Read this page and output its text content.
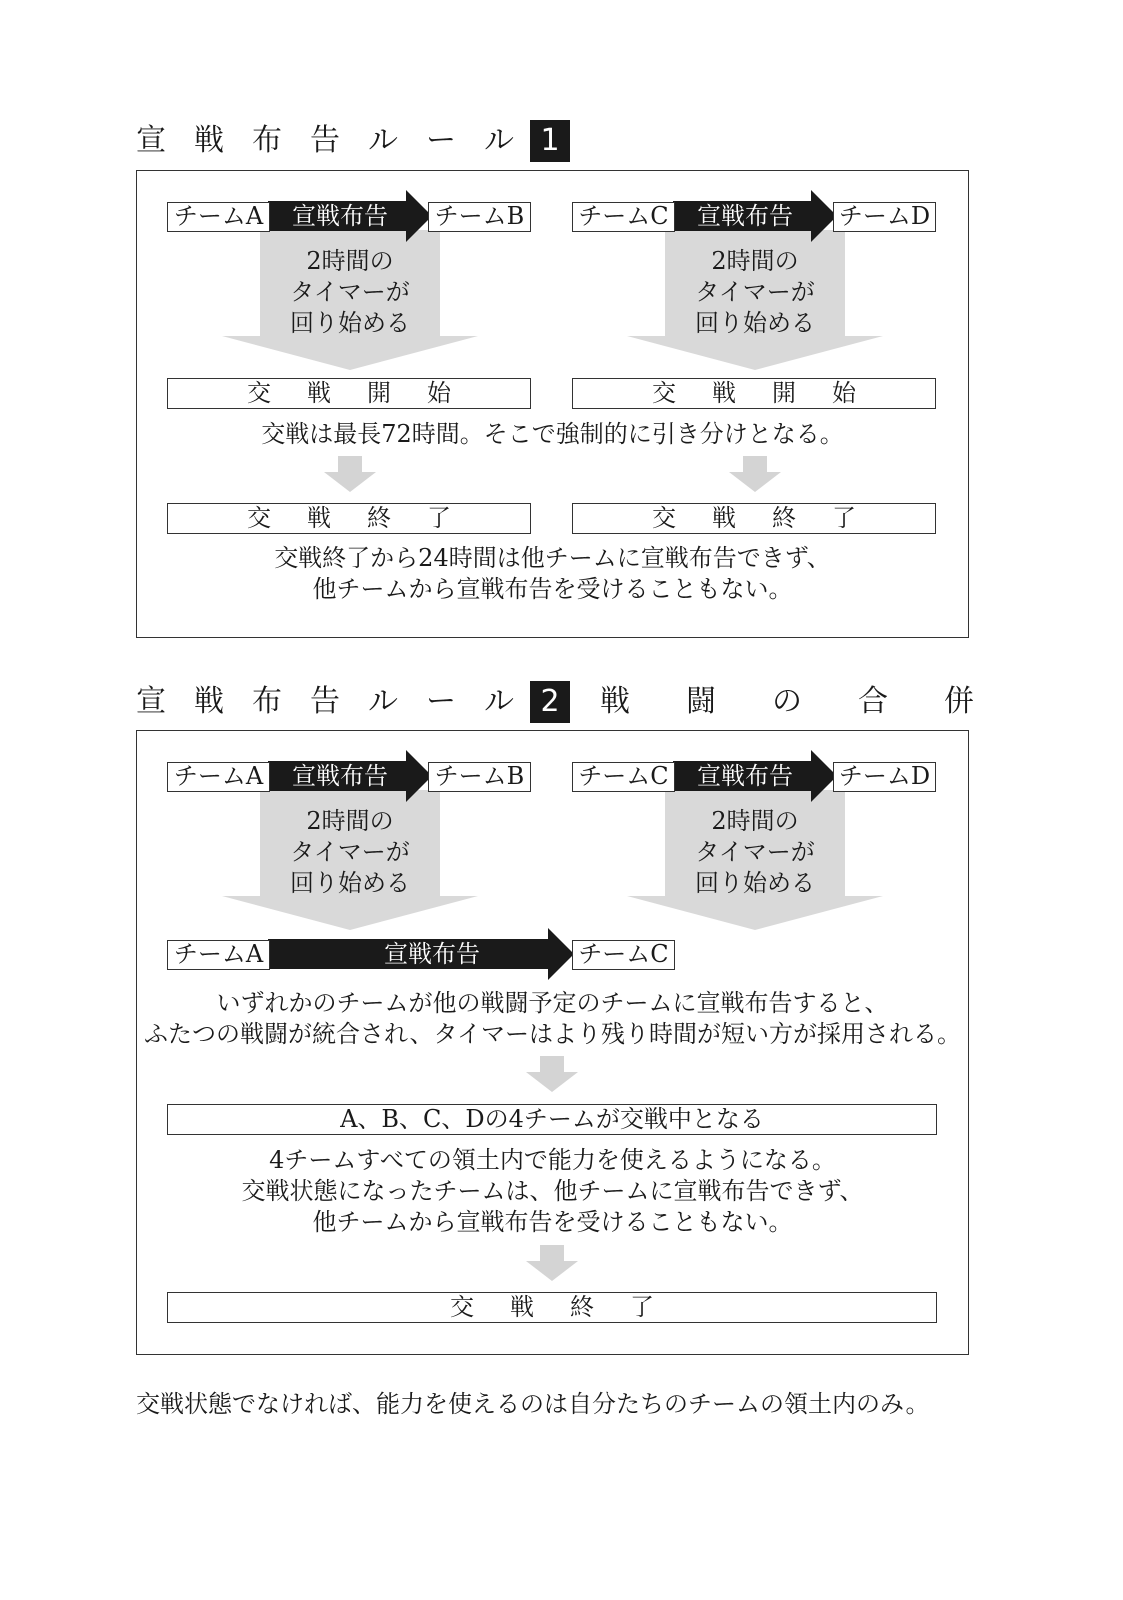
宣 戦 布 告 ル ー ル 1
チームA	宣戦布告	チームB
2時間の
タイマーが
回り始める
チームC	宣戦布告	チームD
2時間の
タイマーが
回り始める
交 戦 開 始	交 戦 開 始
交戦は最長72時間。そこで強制的に引き分けとなる。
交 戦 終 了	交 戦 終 了
交戦終了から24時間は他チームに宣戦布告できず、
他チームから宣戦布告を受けることもない。
宣 戦 布 告 ル ー ル 2 戦 闘 の 合 併
チームA	宣戦布告	チームB
2時間の
タイマーが
回り始める
チームC	宣戦布告	チームD
2時間の
タイマーが
回り始める
チームA	宣戦布告	チームC
いずれかのチームが他の戦闘予定のチームに宣戦布告すると、
ふたつの戦闘が統合され、タイマーはより残り時間が短い方が採用される。
A、B、C、Dの4チームが交戦中となる
4チームすべての領土内で能力を使えるようになる。
交戦状態になったチームは、他チームに宣戦布告できず、
他チームから宣戦布告を受けることもない。
交 戦 終 了
交戦状態でなければ、能力を使えるのは自分たちのチームの領土内のみ。
